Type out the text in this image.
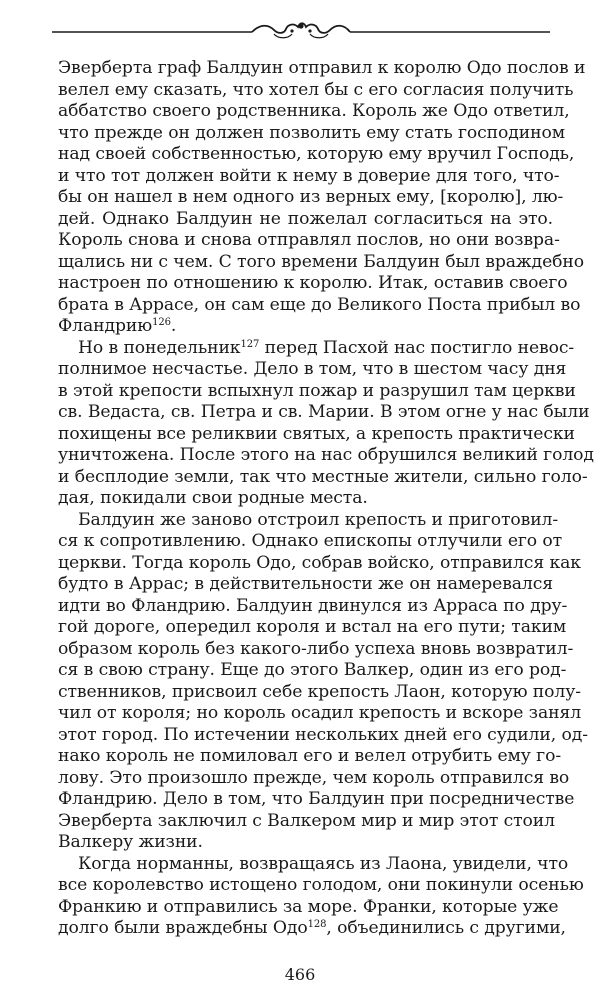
Эверберта граф Балдуин отправил к королю Одо послов и
велел ему сказать, что хотел бы с его согласия получить
аббатство своего родственника. Король же Одо ответил,
что прежде он должен позволить ему стать господином
над своей собственностью, которую ему вручил Господь,
и что тот должен войти к нему в доверие для того, что-
бы он нашел в нем одного из верных ему, [королю], лю-
дей. Однако Балдуин не пожелал согласиться на это.
Король снова и снова отправлял послов, но они возвра-
щались ни с чем. С того времени Балдуин был враждебно
настроен по отношению к королю. Итак, оставив своего
брата в Аррасе, он сам еще до Великого Поста прибыл во
Фландрию$^{126}$.
Но в понедельник$^{127}$ перед Пасхой нас постигло невос-
полнимое несчастье. Дело в том, что в шестом часу дня
в этой крепости вспыхнул пожар и разрушил там церкви
св. Ведаста, св. Петра и св. Марии. В этом огне у нас были
похищены все реликвии святых, а крепость практически
уничтожена. После этого на нас обрушился великий голод
и бесплодие земли, так что местные жители, сильно голо-
дая, покидали свои родные места.
Балдуин же заново отстроил крепость и приготовил-
ся к сопротивлению. Однако епископы отлучили его от
церкви. Тогда король Одо, собрав войско, отправился как
будто в Аррас; в действительности же он намеревался
идти во Фландрию. Балдуин двинулся из Арраса по дру-
гой дороге, опередил короля и встал на его пути; таким
образом король без какого-либо успеха вновь возвратил-
ся в свою страну. Еще до этого Валкер, один из его род-
ственников, присвоил себе крепость Лаон, которую полу-
чил от короля; но король осадил крепость и вскоре занял
этот город. По истечении нескольких дней его судили, од-
нако король не помиловал его и велел отрубить ему го-
лову. Это произошло прежде, чем король отправился во
Фландрию. Дело в том, что Балдуин при посредничестве
Эверберта заключил с Валкером мир и мир этот стоил
Валкеру жизни.
Когда норманны, возвращаясь из Лаона, увидели, что
все королевство истощено голодом, они покинули осенью
Франкию и отправились за море. Франки, которые уже
долго были враждебны Одо$^{128}$, объединились с другими,
466
